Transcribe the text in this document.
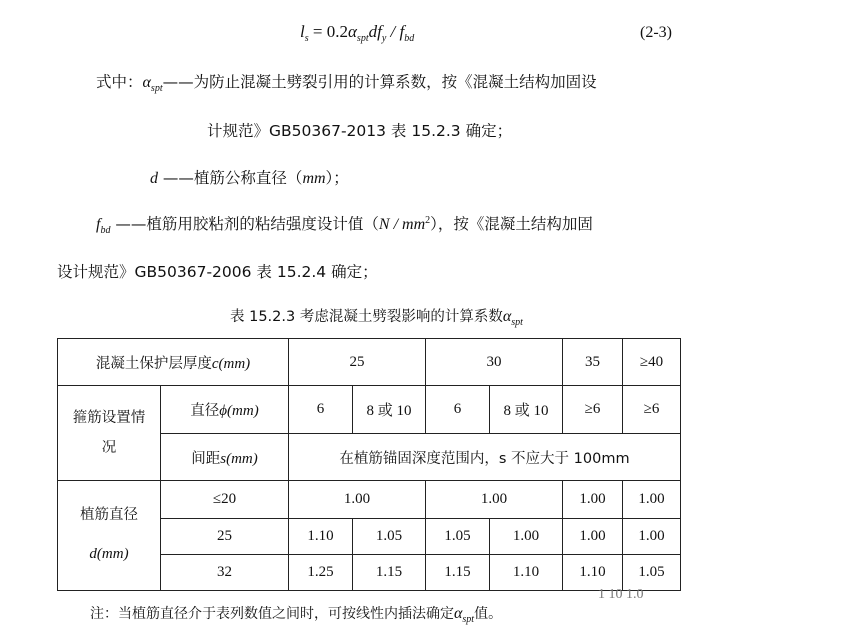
$l_s = 0.2\alpha_{spt}df_y / f_{bd}$	(2-3)
式中：$\alpha_{spt}——$为防止混凝土劈裂引用的计算系数，按《混凝土结构加固设
计规范》GB50367-2013 表 15.2.3 确定；
d ——植筋公称直径（mm）；
$f_{bd}$ ——植筋用胶粘剂的粘结强度设计值$(N / mm^2)$，按《混凝土结构加固
设计规范》GB50367-2006 表 15.2.4 确定；
表 15.2.3 考虑混凝土劈裂影响的计算系数$\alpha_{spt}$
混凝土保护层厚度c(mm)		25		30		35	≥40
箍筋设置情
况	直径ϕ(mm)	6	8 或 10	6	8 或 10	≥6	≥6
	间距s(mm)	在植筋锚固深度范围内，s 不应大于 100mm					
植筋直径
d(mm)	≤20	1.00		1.00		1.00	1.00
	25	1.10	1.05	1.05	1.00	1.00	1.00
	32	1.25	1.15	1.15	1.10	1.10	1.05
1 10 1.0
注：当植筋直径介于表列数值之间时，可按线性内插法确定$\alpha_{spt}$值。
